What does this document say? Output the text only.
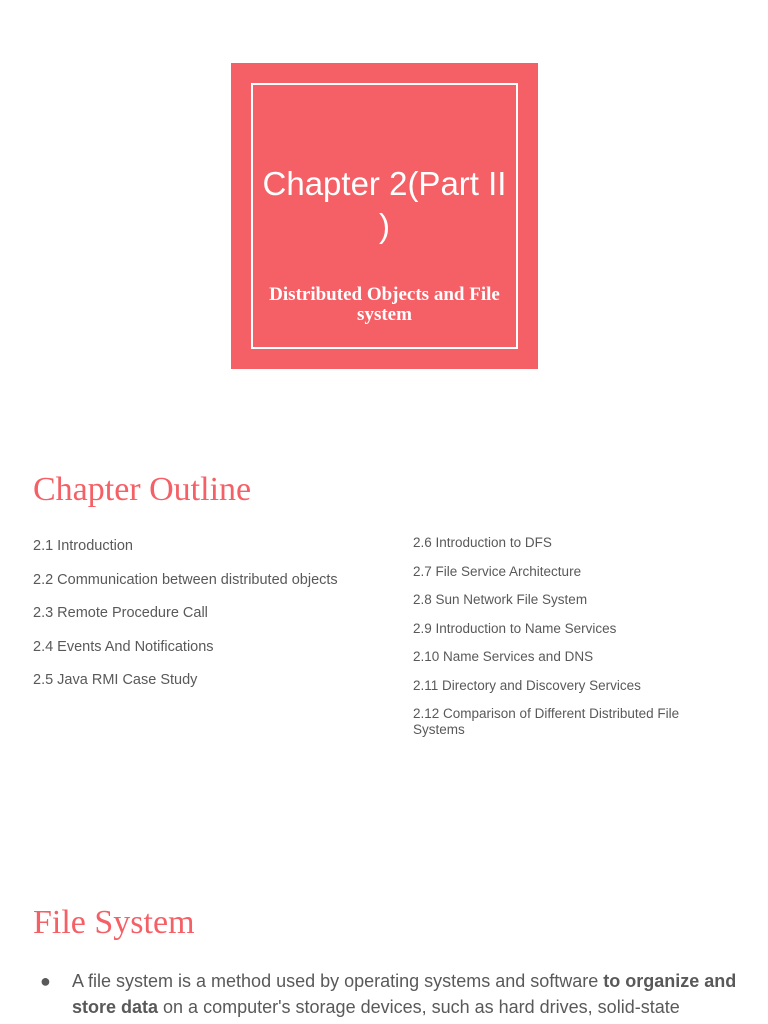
Chapter 2(Part II )

Distributed Objects and File system

Chapter Outline
2.1 Introduction
2.2 Communication between distributed objects
2.3 Remote Procedure Call
2.4 Events And Notifications
2.5 Java RMI Case Study
2.6 Introduction to DFS
2.7 File Service Architecture
2.8 Sun Network File System
2.9 Introduction to Name Services
2.10 Name Services and DNS
2.11 Directory and Discovery Services
2.12 Comparison of Different Distributed File Systems
File System
● A file system is a method used by operating systems and software to organize and store data on a computer's storage devices, such as hard drives, solid-state
